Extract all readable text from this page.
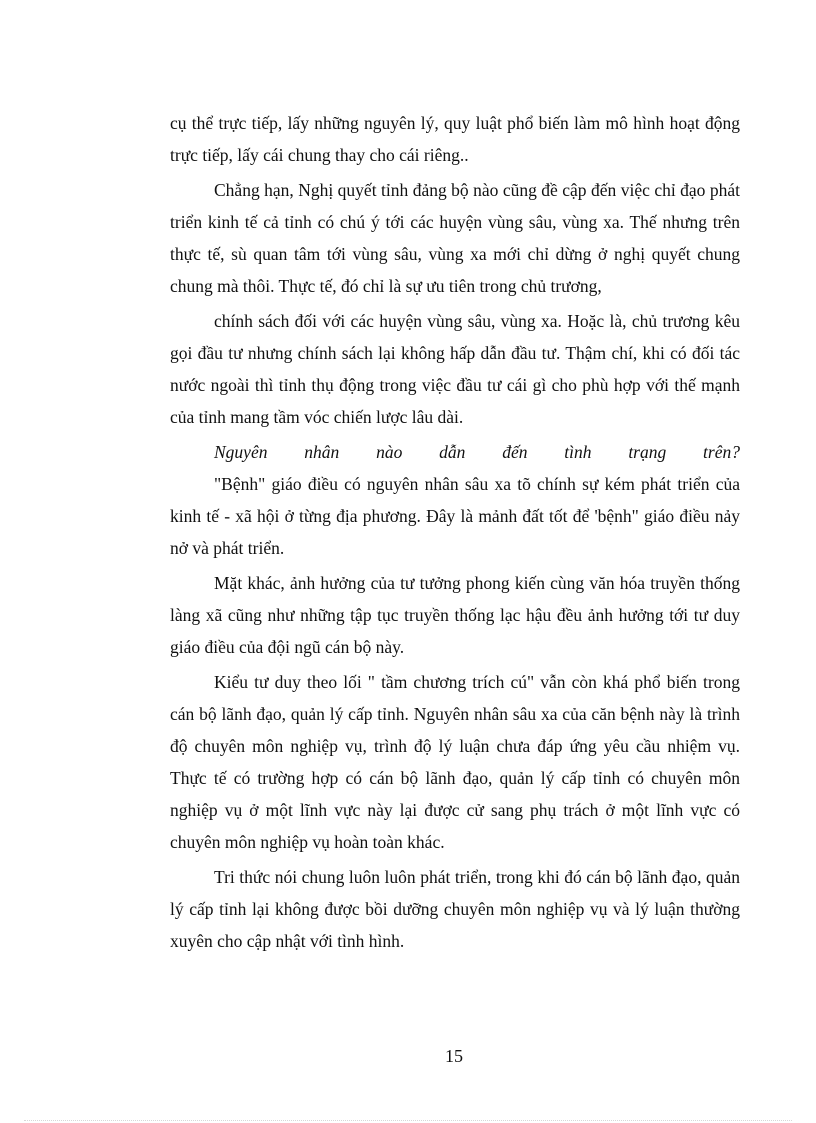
cụ thể trực tiếp, lấy những nguyên lý, quy luật phổ biến làm mô hình hoạt động trực tiếp, lấy cái chung thay cho cái riêng..

Chẳng hạn, Nghị quyết tỉnh đảng bộ nào cũng đề cập đến việc chỉ đạo phát triển kinh tế cả tỉnh có chú ý tới các huyện vùng sâu, vùng xa. Thế nhưng trên thực tế, sù quan tâm tới vùng sâu, vùng xa mới chỉ dừng ở nghị quyết chung chung mà thôi. Thực tế, đó chỉ là sự ưu tiên trong chủ trương,

chính sách đối với các huyện vùng sâu, vùng xa. Hoặc là, chủ trương kêu gọi đầu tư nhưng chính sách lại không hấp dẫn đầu tư. Thậm chí, khi có đối tác nước ngoài thì tỉnh thụ động trong việc đầu tư cái gì cho phù hợp với thế mạnh của tỉnh mang tầm vóc chiến lược lâu dài.

Nguyên nhân nào dẫn đến tình trạng trên?

"Bệnh" giáo điều có nguyên nhân sâu xa tõ chính sự kém phát triển của kinh tế - xã hội ở từng địa phương. Đây là mảnh đất tốt để 'bệnh" giáo điều nảy nở và phát triển.

Mặt khác, ảnh hưởng của tư tưởng phong kiến cùng văn hóa truyền thống làng xã cũng như những tập tục truyền thống lạc hậu đều ảnh hưởng tới tư duy giáo điều của đội ngũ cán bộ này.

Kiểu tư duy theo lối " tầm chương trích cú" vẫn còn khá phổ biến trong cán bộ lãnh đạo, quản lý cấp tỉnh. Nguyên nhân sâu xa của căn bệnh này là trình độ chuyên môn nghiệp vụ, trình độ lý luận chưa đáp ứng yêu cầu nhiệm vụ. Thực tế có trường hợp có cán bộ lãnh đạo, quản lý cấp tỉnh có chuyên môn nghiệp vụ ở một lĩnh vực này lại được cử sang phụ trách ở một lĩnh vực có chuyên môn nghiệp vụ hoàn toàn khác.

Tri thức nói chung luôn luôn phát triển, trong khi đó cán bộ lãnh đạo, quản lý cấp tỉnh lại không được bồi dưỡng chuyên môn nghiệp vụ và lý luận thường xuyên cho cập nhật với tình hình.

15
